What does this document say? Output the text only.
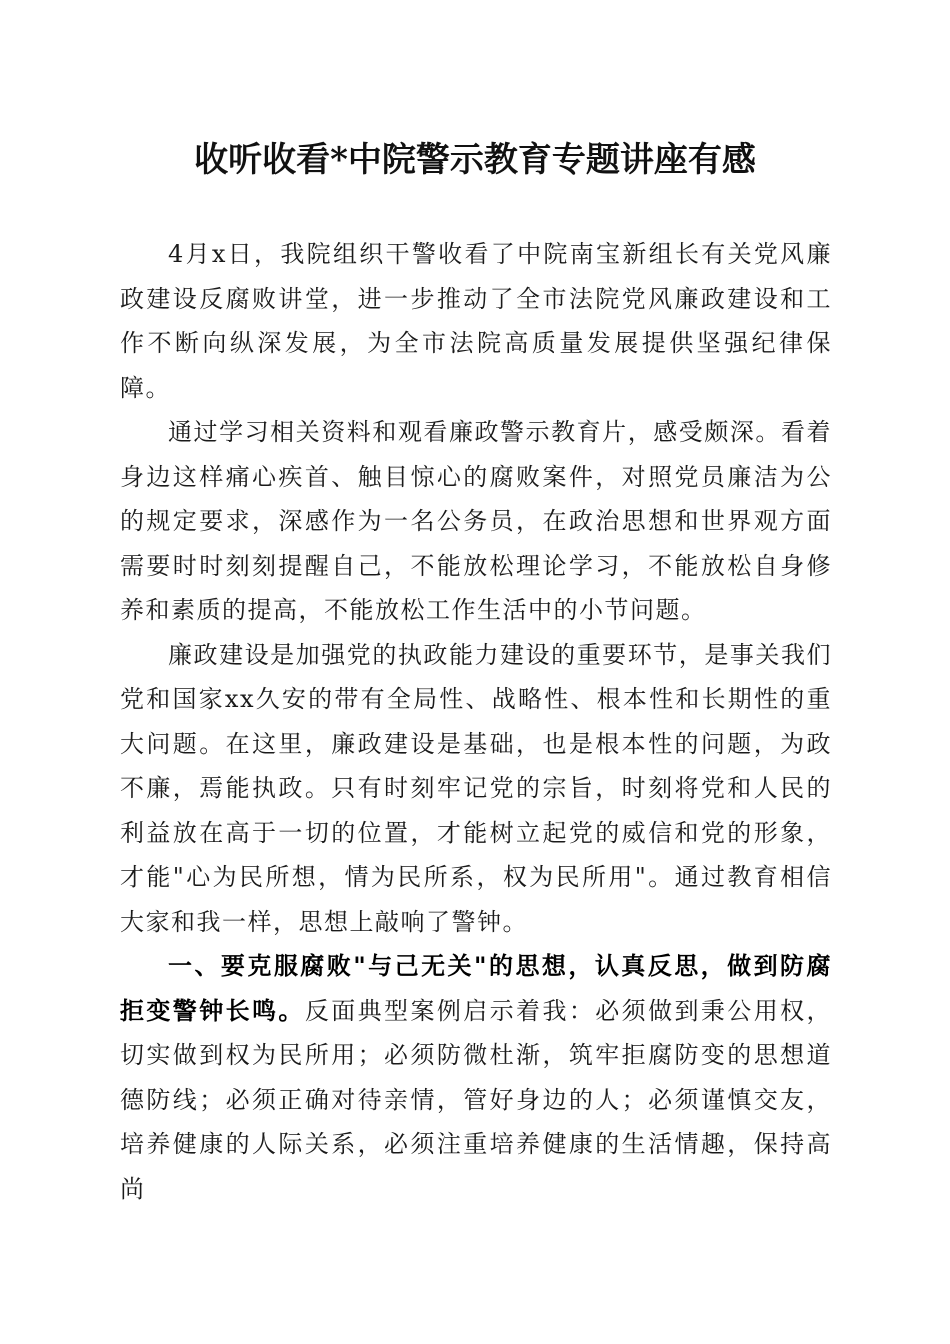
收听收看*中院警示教育专题讲座有感

4月x日，我院组织干警收看了中院南宝新组长有关党风廉政建设反腐败讲堂，进一步推动了全市法院党风廉政建设和工作不断向纵深发展，为全市法院高质量发展提供坚强纪律保障。

通过学习相关资料和观看廉政警示教育片，感受颇深。看着身边这样痛心疾首、触目惊心的腐败案件，对照党员廉洁为公的规定要求，深感作为一名公务员，在政治思想和世界观方面需要时时刻刻提醒自己，不能放松理论学习，不能放松自身修养和素质的提高，不能放松工作生活中的小节问题。

廉政建设是加强党的执政能力建设的重要环节，是事关我们党和国家xx久安的带有全局性、战略性、根本性和长期性的重大问题。在这里，廉政建设是基础，也是根本性的问题，为政不廉，焉能执政。只有时刻牢记党的宗旨，时刻将党和人民的利益放在高于一切的位置，才能树立起党的威信和党的形象，才能"心为民所想，情为民所系，权为民所用"。通过教育相信大家和我一样，思想上敲响了警钟。

一、要克服腐败"与己无关"的思想，认真反思，做到防腐拒变警钟长鸣。反面典型案例启示着我：必须做到秉公用权，切实做到权为民所用；必须防微杜渐，筑牢拒腐防变的思想道德防线；必须正确对待亲情，管好身边的人；必须谨慎交友，培养健康的人际关系，必须注重培养健康的生活情趣，保持高尚
